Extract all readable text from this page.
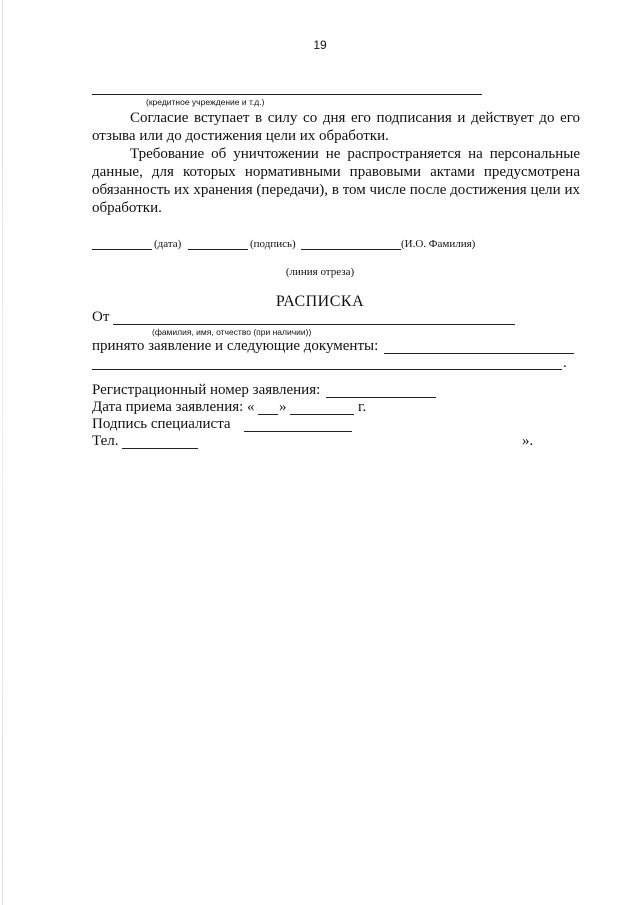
19
(кредитное учреждение и т.д.)
Согласие вступает в силу со дня его подписания и действует до его отзыва или до достижения цели их обработки.
Требование об уничтожении не распространяется на персональные данные, для которых нормативными правовыми актами предусмотрена обязанность их хранения (передачи), в том числе после достижения цели их обработки.
(дата)	(подпись)	(И.О. Фамилия)
(линия отреза)
РАСПИСКА
От
(фамилия, имя, отчество (при наличии))
принято заявление и следующие документы:
.
Регистрационный номер заявления:
Дата приема заявления: « »	г.
Подпись специалиста
Тел.	».
